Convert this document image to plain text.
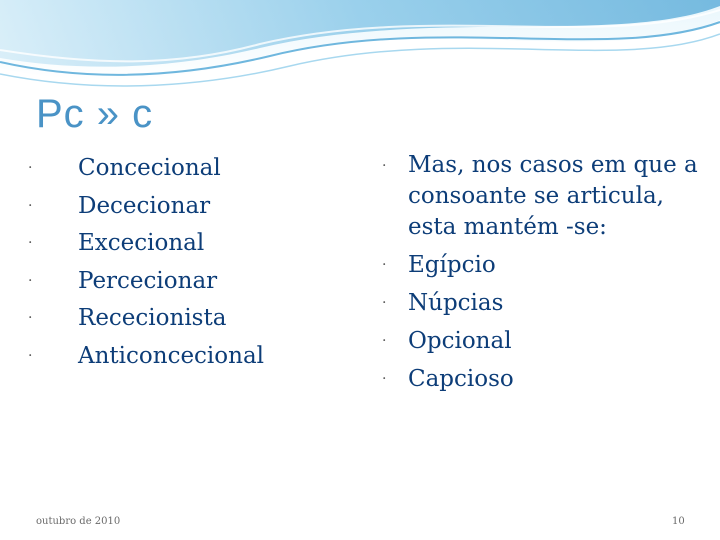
Pc » c
· Concecional
· Dececionar
· Excecional
· Percecionar
· Rececionista
· Anticoncecional
· Mas, nos casos em que a consoante se articula, esta mantém -se:
· Egípcio
· Núpcias
· Opcional
· Capcioso
outubro de 2010	10
